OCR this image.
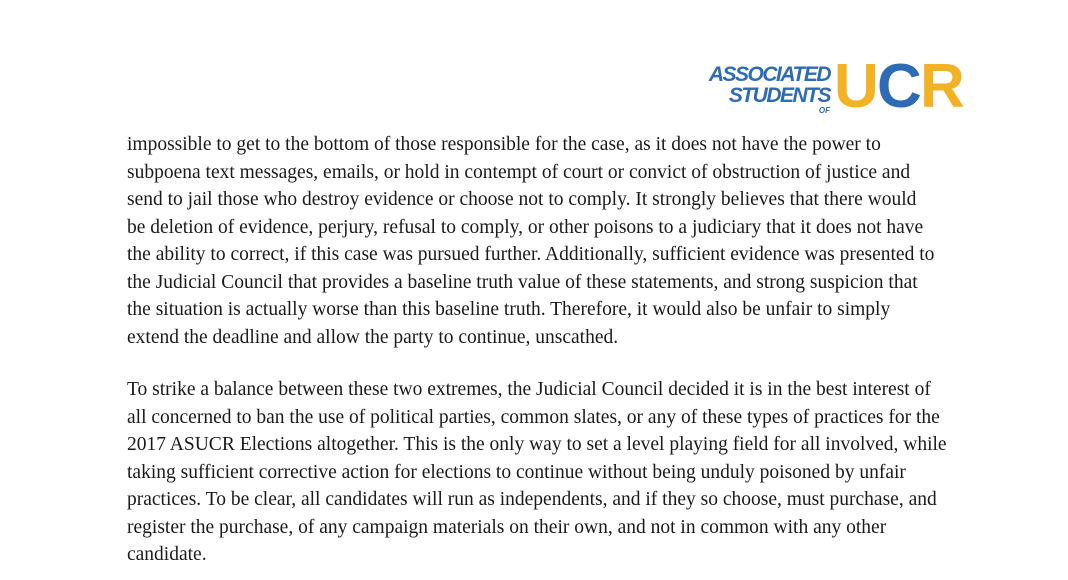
ASSOCIATED
STUDENTS
OF U C R
impossible to get to the bottom of those responsible for the case, as it does not have the power to
subpoena text messages, emails, or hold in contempt of court or convict of obstruction of justice and
send to jail those who destroy evidence or choose not to comply. It strongly believes that there would
be deletion of evidence, perjury, refusal to comply, or other poisons to a judiciary that it does not have
the ability to correct, if this case was pursued further. Additionally, sufficient evidence was presented to
the Judicial Council that provides a baseline truth value of these statements, and strong suspicion that
the situation is actually worse than this baseline truth. Therefore, it would also be unfair to simply
extend the deadline and allow the party to continue, unscathed.
To strike a balance between these two extremes, the Judicial Council decided it is in the best interest of
all concerned to ban the use of political parties, common slates, or any of these types of practices for the
2017 ASUCR Elections altogether. This is the only way to set a level playing field for all involved, while
taking sufficient corrective action for elections to continue without being unduly poisoned by unfair
practices. To be clear, all candidates will run as independents, and if they so choose, must purchase, and
register the purchase, of any campaign materials on their own, and not in common with any other
candidate.
